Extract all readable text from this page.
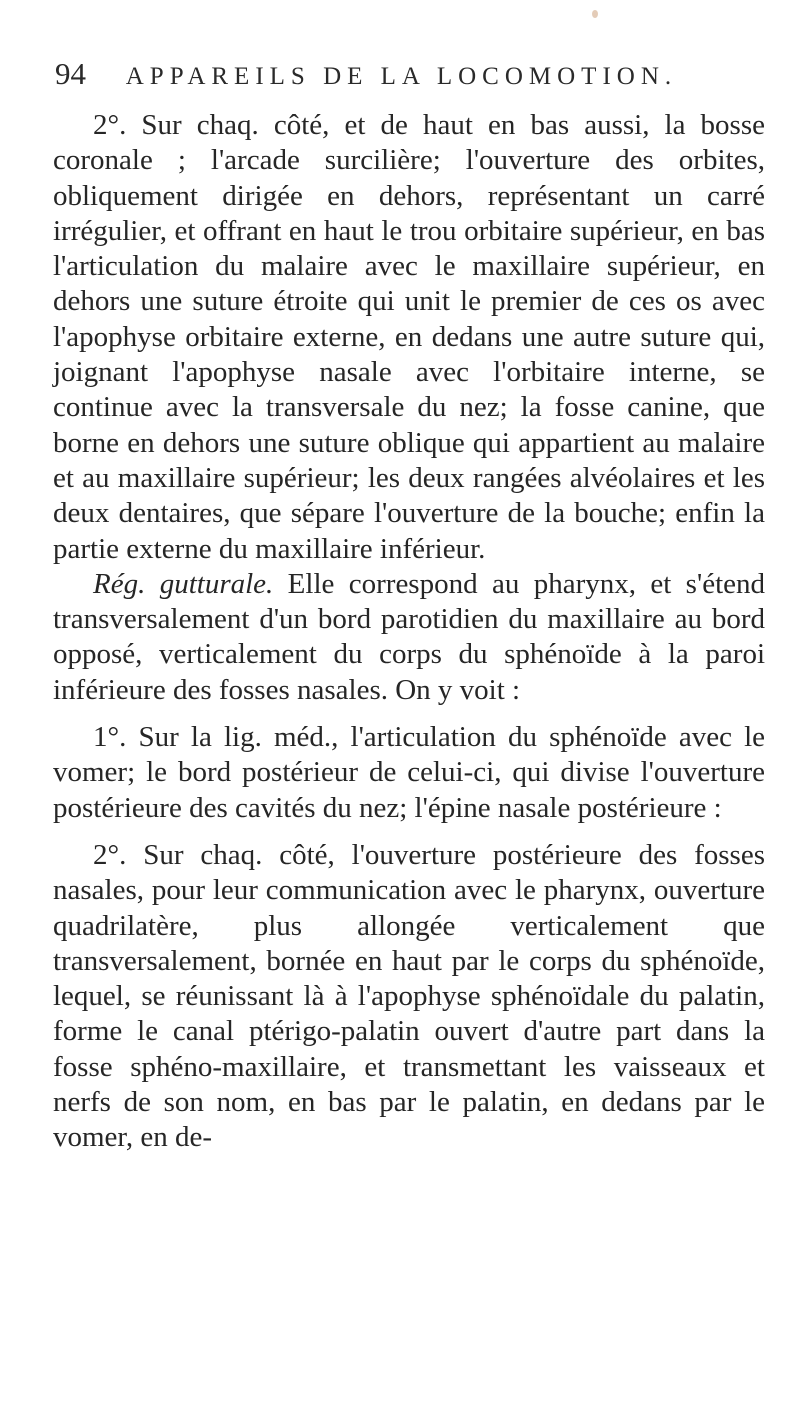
94 APPAREILS DE LA LOCOMOTION.

2°. Sur chaq. côté, et de haut en bas aussi, la bosse coronale ; l'arcade surcilière; l'ouverture des orbites, obliquement dirigée en dehors, représentant un carré irrégulier, et offrant en haut le trou orbitaire supérieur, en bas l'articulation du malaire avec le maxillaire supérieur, en dehors une suture étroite qui unit le premier de ces os avec l'apophyse orbitaire externe, en dedans une autre suture qui, joignant l'apophyse nasale avec l'orbitaire interne, se continue avec la transversale du nez; la fosse canine, que borne en dehors une suture oblique qui appartient au malaire et au maxillaire supérieur; les deux rangées alvéolaires et les deux dentaires, que sépare l'ouverture de la bouche; enfin la partie externe du maxillaire inférieur.

Rég. gutturale. Elle correspond au pharynx, et s'étend transversalement d'un bord parotidien du maxillaire au bord opposé, verticalement du corps du sphénoïde à la paroi inférieure des fosses nasales. On y voit :

1°. Sur la lig. méd., l'articulation du sphénoïde avec le vomer; le bord postérieur de celui-ci, qui divise l'ouverture postérieure des cavités du nez; l'épine nasale postérieure :

2°. Sur chaq. côté, l'ouverture postérieure des fosses nasales, pour leur communication avec le pharynx, ouverture quadrilatère, plus allongée verticalement que transversalement, bornée en haut par le corps du sphénoïde, lequel, se réunissant là à l'apophyse sphénoïdale du palatin, forme le canal ptérigo-palatin ouvert d'autre part dans la fosse sphéno-maxillaire, et transmettant les vaisseaux et nerfs de son nom, en bas par le palatin, en dedans par le vomer, en de-
